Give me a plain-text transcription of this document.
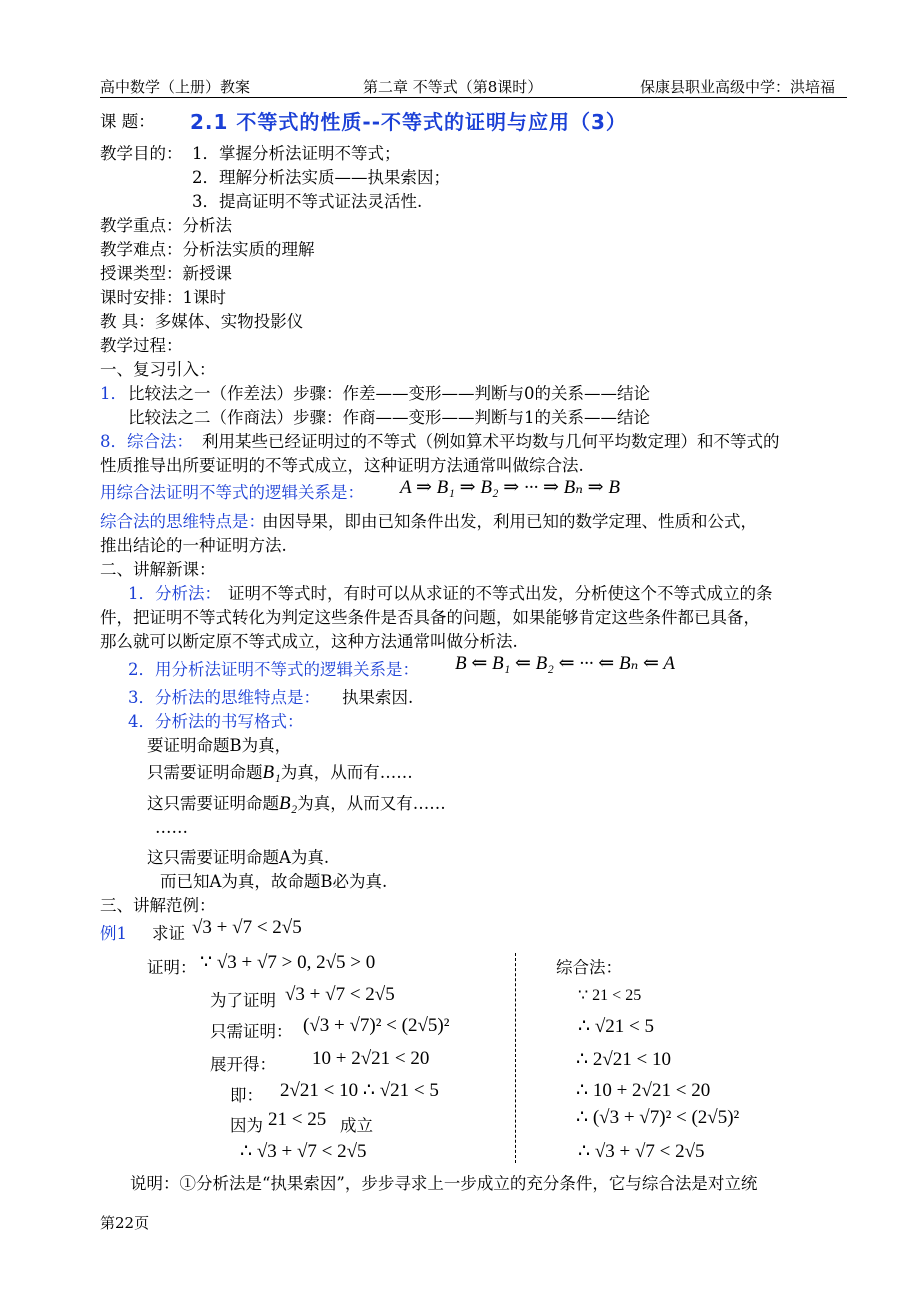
高中数学（上册）教案	第二章 不等式（第8课时）	保康县职业高级中学：洪培福
课 题： 2.1 不等式的性质--不等式的证明与应用（3）
教学目的： 1．掌握分析法证明不等式；
2．理解分析法实质——执果索因；
3．提高证明不等式证法灵活性.
教学重点：分析法
教学难点：分析法实质的理解
授课类型：新授课
课时安排：1课时
教 具：多媒体、实物投影仪
教学过程：
一、复习引入：
1． 比较法之一（作差法）步骤：作差——变形——判断与0的关系——结论
比较法之二（作商法）步骤：作商——变形——判断与1的关系——结论
8．综合法： 利用某些已经证明过的不等式（例如算术平均数与几何平均数定理）和不等式的
性质推导出所要证明的不等式成立，这种证明方法通常叫做综合法.
用综合法证明不等式的逻辑关系是： A ⇒ B₁ ⇒ B₂ ⇒ ··· ⇒ Bₙ ⇒ B
综合法的思维特点是：
由因导果，即由已知条件出发，利用已知的数学定理、性质和公式，
推出结论的一种证明方法.
二、讲解新课：
1．分析法： 证明不等式时，有时可以从求证的不等式出发，分析使这个不等式成立的条
件，把证明不等式转化为判定这些条件是否具备的问题，如果能够肯定这些条件都已具备，
那么就可以断定原不等式成立，这种方法通常叫做分析法.
2．用分析法证明不等式的逻辑关系是： B ⇐ B₁ ⇐ B₂ ⇐ ··· ⇐ Bₙ ⇐ A
3．分析法的思维特点是： 执果索因.
4．分析法的书写格式：
要证明命题B为真，
只需要证明命题B₁为真，从而有……
这只需要证明命题B₂为真，从而又有……
……
这只需要证明命题A为真.
而已知A为真，故命题B必为真.
三、讲解范例：
例1 求证 √3 + √7 < 2√5
证明： ∵ √3 + √7 > 0, 2√5 > 0
为了证明 √3 + √7 < 2√5
只需证明： (√3 + √7)² < (2√5)²
展开得： 10 + 2√21 < 20
即： 2√21 < 10 ∴ √21 < 5
因为 21 < 25 成立
∴ √3 + √7 < 2√5
综合法：
∵ 21 < 25
∴ √21 < 5
∴ 2√21 < 10
∴ 10 + 2√21 < 20
∴ (√3 + √7)² < (2√5)²
∴ √3 + √7 < 2√5
说明：①分析法是“执果索因”，步步寻求上一步成立的充分条件，它与综合法是对立统
第22页
